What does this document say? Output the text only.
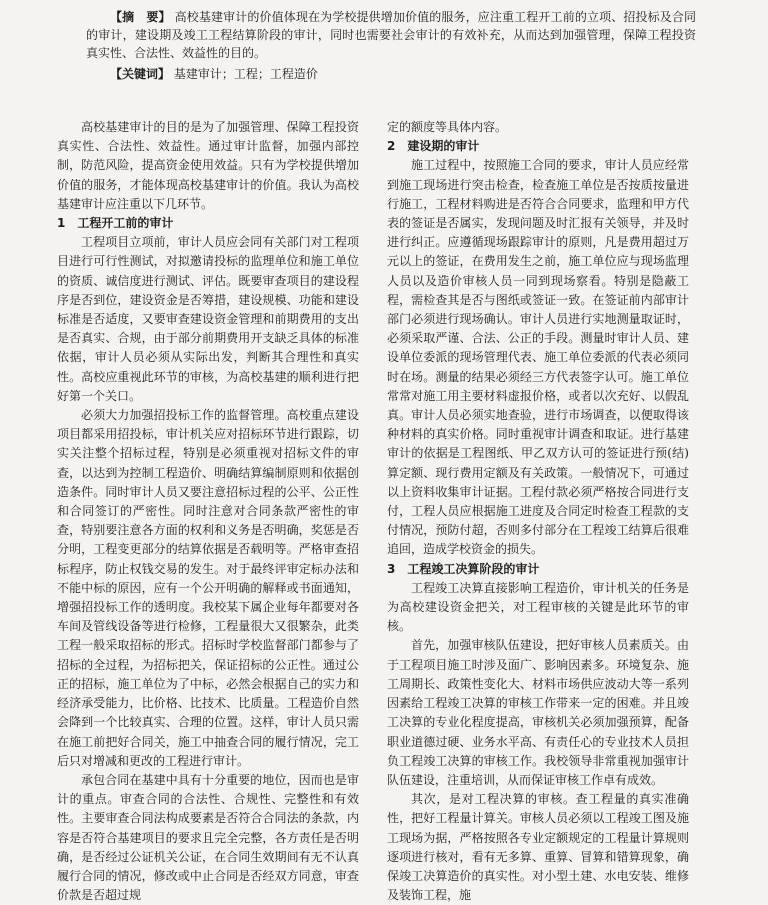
【摘　要】 高校基建审计的价值体现在为学校提供增加价值的服务，应注重工程开工前的立项、招投标及合同的审计，建设期及竣工工程结算阶段的审计，同时也需要社会审计的有效补充，从而达到加强管理，保障工程投资真实性、合法性、效益性的目的。

【关键词】 基建审计；工程；工程造价

高校基建审计的目的是为了加强管理、保障工程投资真实性、合法性、效益性。通过审计监督，加强内部控制，防范风险，提高资金使用效益。只有为学校提供增加价值的服务，才能体现高校基建审计的价值。我认为高校基建审计应注重以下几环节。

1　工程开工前的审计

工程项目立项前，审计人员应会同有关部门对工程项目进行可行性测试，对拟邀请投标的监理单位和施工单位的资质、诚信度进行测试、评估。既要审查项目的建设程序是否到位，建设资金是否筹措，建设规模、功能和建设标准是否适度，又要审查建设资金管理和前期费用的支出是否真实、合规，由于部分前期费用开支缺乏具体的标准依据，审计人员必须从实际出发，判断其合理性和真实性。高校应重视此环节的审核，为高校基建的顺利进行把好第一个关口。

必须大力加强招投标工作的监督管理。高校重点建设项目都采用招投标，审计机关应对招标环节进行跟踪，切实关注整个招标过程，特别是必须重视对招标文件的审查，以达到为控制工程造价、明确结算编制原则和依据创造条件。同时审计人员又要注意招标过程的公平、公正性和合同签订的严密性。同时注意对合同条款严密性的审查，特别要注意各方面的权利和义务是否明确，奖惩是否分明，工程变更部分的结算依据是否载明等。严格审查招标程序，防止权钱交易的发生。对于最终评审定标办法和不能中标的原因，应有一个公开明确的解释或书面通知，增强招投标工作的透明度。我校某下属企业每年都要对各车间及管线设备等进行检修，工程量很大又很繁杂，此类工程一般采取招标的形式。招标时学校监督部门都参与了招标的全过程，为招标把关，保证招标的公正性。通过公正的招标，施工单位为了中标，必然会根据自己的实力和经济承受能力，比价格、比技术、比质量。工程造价自然会降到一个比较真实、合理的位置。这样，审计人员只需在施工前把好合同关，施工中抽查合同的履行情况，完工后只对增减和更改的工程进行审计。

承包合同在基建中具有十分重要的地位，因而也是审计的重点。审查合同的合法性、合规性、完整性和有效性。主要审查合同法构成要素是否符合合同法的条款，内容是否符合基建项目的要求且完全完整，各方责任是否明确，是否经过公证机关公证，在合同生效期间有无不认真履行合同的情况，修改或中止合同是否经双方同意，审查价款是否超过规

定的额度等具体内容。

2　建设期的审计

施工过程中，按照施工合同的要求，审计人员应经常到施工现场进行突击检查，检查施工单位是否按质按量进行施工，工程材料购进是否符合合同要求，监理和甲方代表的签证是否属实，发现问题及时汇报有关领导，并及时进行纠正。应遵循现场跟踪审计的原则，凡是费用超过万元以上的签证，在费用发生之前，施工单位应与现场监理人员以及造价审核人员一同到现场察看。特别是隐蔽工程，需检查其是否与图纸或签证一致。在签证前内部审计部门必须进行现场确认。审计人员进行实地测量取证时，必须采取严谨、合法、公正的手段。测量时审计人员、建设单位委派的现场管理代表、施工单位委派的代表必须同时在场。测量的结果必须经三方代表签字认可。施工单位常常对施工用主要材料虚报价格，或者以次充好、以假乱真。审计人员必须实地查验，进行市场调查，以便取得该种材料的真实价格。同时重视审计调查和取证。进行基建审计的依据是工程图纸、甲乙双方认可的签证进行预(结)算定额、现行费用定额及有关政策。一般情况下，可通过以上资料收集审计证据。工程付款必须严格按合同进行支付，工程人员应根据施工进度及合同定时检查工程款的支付情况，预防付超，否则多付部分在工程竣工结算后很难追回，造成学校资金的损失。

3　工程竣工决算阶段的审计

工程竣工决算直接影响工程造价，审计机关的任务是为高校建设资金把关，对工程审核的关键是此环节的审核。

首先，加强审核队伍建设，把好审核人员素质关。由于工程项目施工时涉及面广、影响因素多。环境复杂、施工周期长、政策性变化大、材料市场供应波动大等一系列因素给工程竣工决算的审核工作带来一定的困难。并且竣工决算的专业化程度提高，审核机关必须加强预算，配备职业道德过硬、业务水平高、有责任心的专业技术人员担负工程竣工决算的审核工作。我校领导非常重视加强审计队伍建设，注重培训，从而保证审核工作卓有成效。

其次，是对工程决算的审核。查工程量的真实准确性，把好工程量计算关。审核人员必须以工程竣工图及施工现场为据，严格按照各专业定额规定的工程量计算规则逐项进行核对，看有无多算、重算、冒算和错算现象，确保竣工决算造价的真实性。对小型土建、水电安装、维修及装饰工程，施
